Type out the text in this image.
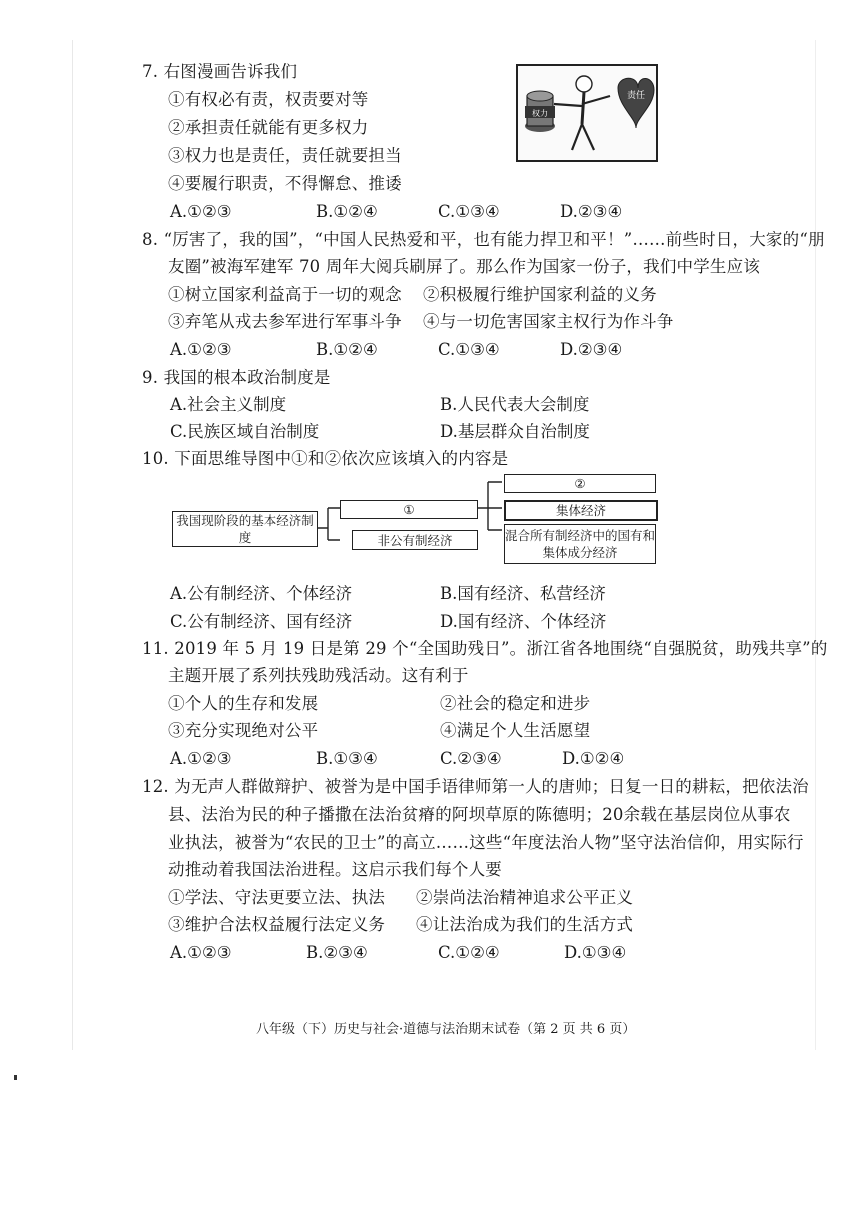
7. 右图漫画告诉我们
①有权必有责，权责要对等
②承担责任就能有更多权力
③权力也是责任，责任就要担当
④要履行职责，不得懈怠、推诿
A.①②③	B.①②④	C.①③④	D.②③④
权力
责任
8. “厉害了，我的国”，“中国人民热爱和平，也有能力捍卫和平！”……前些时日，大家的“朋
友圈”被海军建军 70 周年大阅兵刷屏了。那么作为国家一份子，我们中学生应该
①树立国家利益高于一切的观念 ②积极履行维护国家利益的义务
③弃笔从戎去参军进行军事斗争 ④与一切危害国家主权行为作斗争
A.①②③	B.①②④	C.①③④	D.②③④
9. 我国的根本政治制度是
A.社会主义制度	B.人民代表大会制度
C.民族区域自治制度	D.基层群众自治制度
10. 下面思维导图中①和②依次应该填入的内容是
我国现阶段的基本经济制度
①
非公有制经济
②
集体经济
混合所有制经济中的国有和集体成分经济
A.公有制经济、个体经济	B.国有经济、私营经济
C.公有制经济、国有经济	D.国有经济、个体经济
11. 2019 年 5 月 19 日是第 29 个“全国助残日”。浙江省各地围绕“自强脱贫，助残共享”的
主题开展了系列扶残助残活动。这有利于
①个人的生存和发展	②社会的稳定和进步
③充分实现绝对公平	④满足个人生活愿望
A.①②③	B.①③④	C.②③④	D.①②④
12. 为无声人群做辩护、被誉为是中国手语律师第一人的唐帅；日复一日的耕耘，把依法治
县、法治为民的种子播撒在法治贫瘠的阿坝草原的陈德明；20余载在基层岗位从事农
业执法，被誉为“农民的卫士”的高立……这些“年度法治人物”坚守法治信仰，用实际行
动推动着我国法治进程。这启示我们每个人要
①学法、守法更要立法、执法 ②崇尚法治精神追求公平正义
③维护合法权益履行法定义务 ④让法治成为我们的生活方式
A.①②③	B.②③④	C.①②④	D.①③④
八年级（下）历史与社会·道德与法治期末试卷（第 2 页 共 6 页）
